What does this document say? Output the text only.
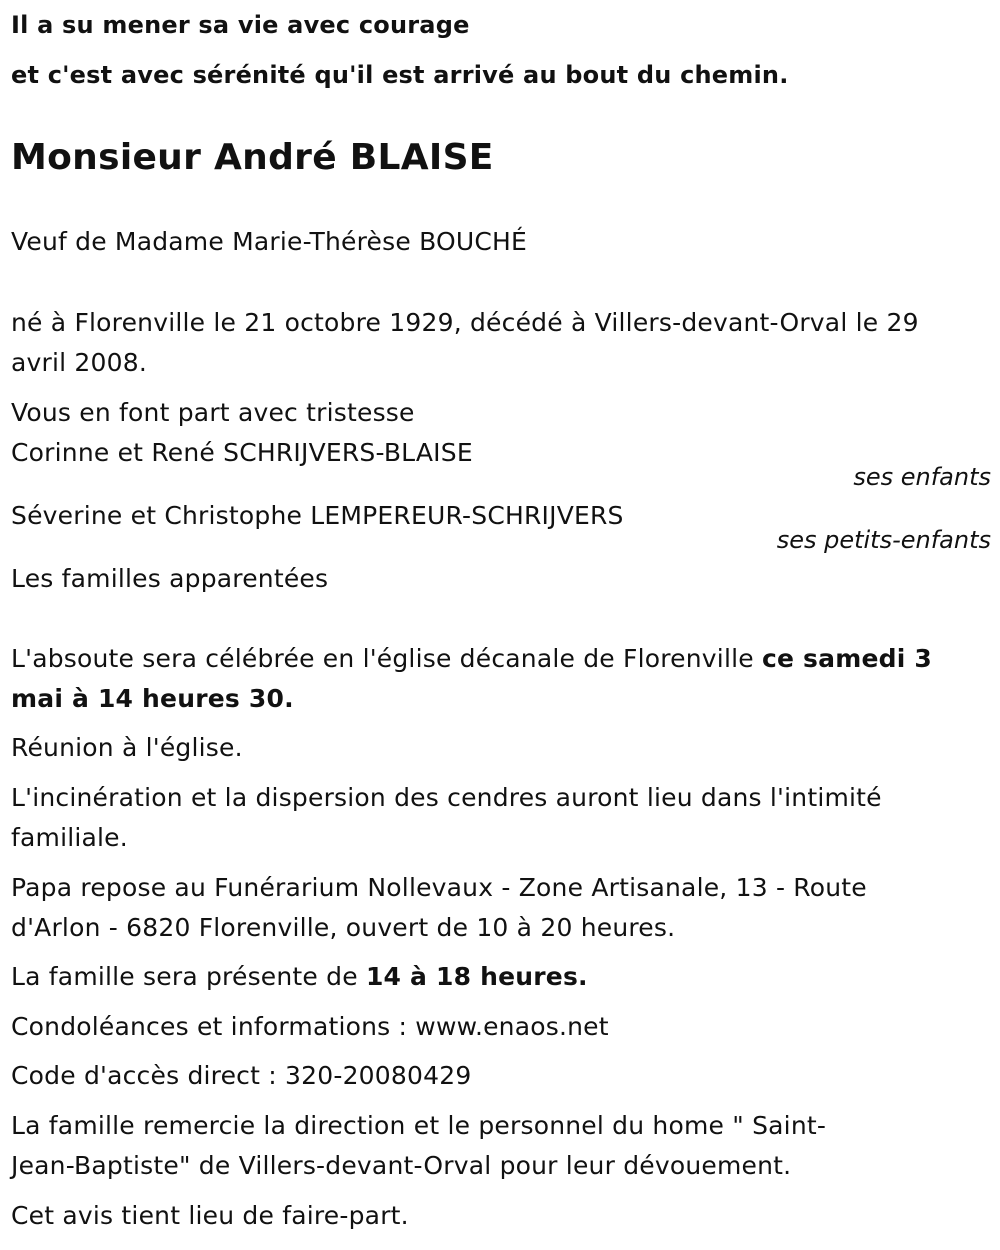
Il a su mener sa vie avec courage
et c'est avec sérénité qu'il est arrivé au bout du chemin.
Monsieur André BLAISE
Veuf de Madame Marie-Thérèse BOUCHÉ
né à Florenville le 21 octobre 1929, décédé à Villers-devant-Orval le 29
avril 2008.
Vous en font part avec tristesse
Corinne et René SCHRIJVERS-BLAISE
ses enfants
Séverine et Christophe LEMPEREUR-SCHRIJVERS
ses petits-enfants
Les familles apparentées
L'absoute sera célébrée en l'église décanale de Florenville ce samedi 3
mai à 14 heures 30.
Réunion à l'église.
L'incinération et la dispersion des cendres auront lieu dans l'intimité
familiale.
Papa repose au Funérarium Nollevaux - Zone Artisanale, 13 - Route
d'Arlon - 6820 Florenville, ouvert de 10 à 20 heures.
La famille sera présente de 14 à 18 heures.
Condoléances et informations : www.enaos.net
Code d'accès direct : 320-20080429
La famille remercie la direction et le personnel du home " Saint-
Jean-Baptiste" de Villers-devant-Orval pour leur dévouement.
Cet avis tient lieu de faire-part.
